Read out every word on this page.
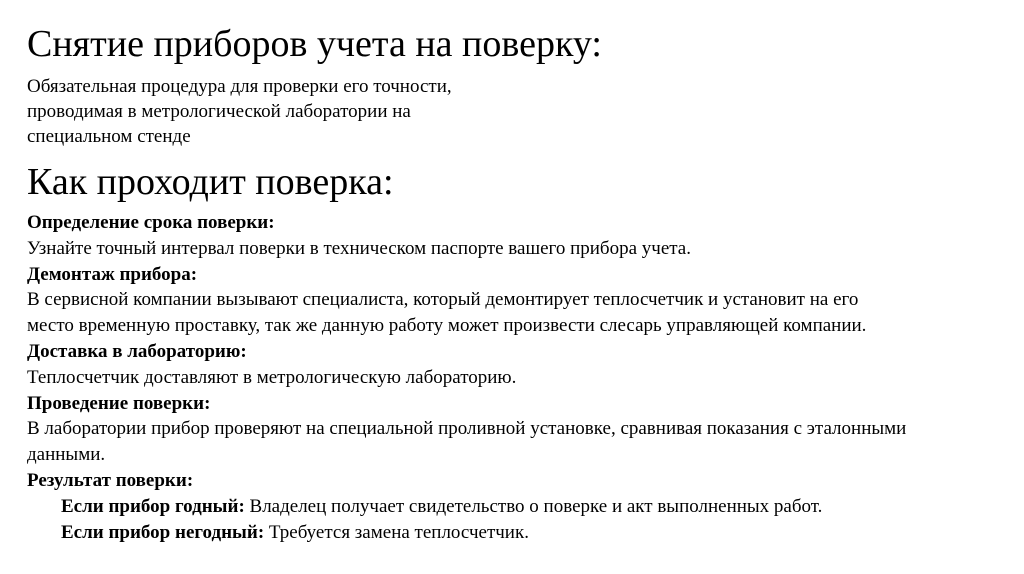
Снятие приборов учета на поверку:
Обязательная процедура для проверки его точности,
проводимая в метрологической лаборатории на
специальном стенде
Как проходит поверка:
Определение срока поверки:
Узнайте точный интервал поверки в техническом паспорте вашего прибора учета.
Демонтаж прибора:
В сервисной компании вызывают специалиста, который демонтирует теплосчетчик и установит на его
место временную проставку, так же данную работу может произвести слесарь управляющей компании.
Доставка в лабораторию:
Теплосчетчик доставляют в метрологическую лабораторию.
Проведение поверки:
В лаборатории прибор проверяют на специальной проливной установке, сравнивая показания с эталонными
данными.
Результат поверки:
Если прибор годный: Владелец получает свидетельство о поверке и акт выполненных работ.
Если прибор негодный: Требуется замена теплосчетчик.
